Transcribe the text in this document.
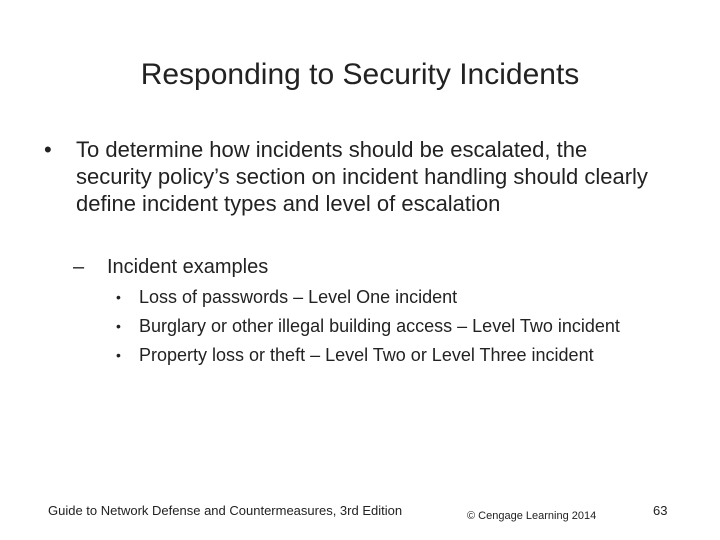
Responding to Security Incidents
•	To determine how incidents should be escalated, the security policy’s section on incident handling should clearly define incident types and level of escalation
–	Incident examples
•	Loss of passwords – Level One incident
•	Burglary or other illegal building access – Level Two incident
•	Property loss or theft – Level Two or Level Three incident
Guide to Network Defense and Countermeasures, 3rd Edition	© Cengage Learning 2014	63
